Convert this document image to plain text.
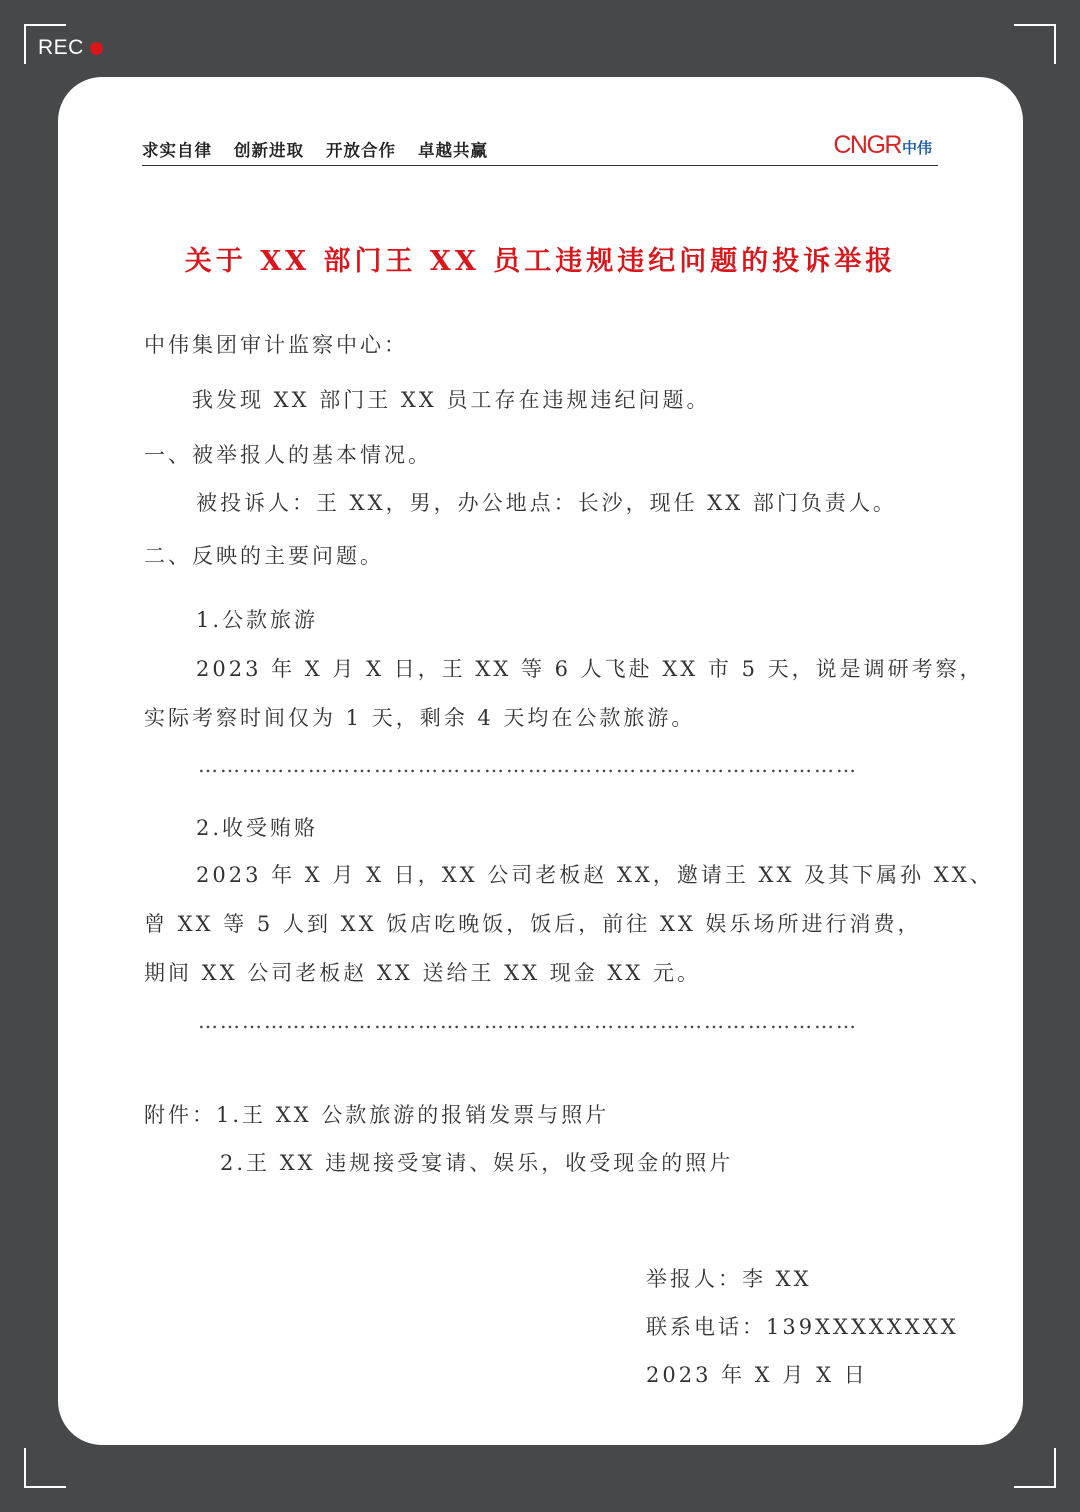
REC
求实自律 创新进取 开放合作 卓越共赢	CNGR 中伟
关于 XX 部门王 XX 员工违规违纪问题的投诉举报
中伟集团审计监察中心：
我发现 XX 部门王 XX 员工存在违规违纪问题。
一、被举报人的基本情况。
被投诉人：王 XX，男，办公地点：长沙，现任 XX 部门负责人。
二、反映的主要问题。
1.公款旅游
2023 年 X 月 X 日，王 XX 等 6 人飞赴 XX 市 5 天，说是调研考察，
实际考察时间仅为 1 天，剩余 4 天均在公款旅游。
………………………………………………………………………………
2.收受贿赂
2023 年 X 月 X 日，XX 公司老板赵 XX，邀请王 XX 及其下属孙 XX、
曾 XX 等 5 人到 XX 饭店吃晚饭，饭后，前往 XX 娱乐场所进行消费，
期间 XX 公司老板赵 XX 送给王 XX 现金 XX 元。
………………………………………………………………………………
附件：1.王 XX 公款旅游的报销发票与照片
2.王 XX 违规接受宴请、娱乐，收受现金的照片
举报人：李 XX
联系电话：139XXXXXXXX
2023 年 X 月 X 日
